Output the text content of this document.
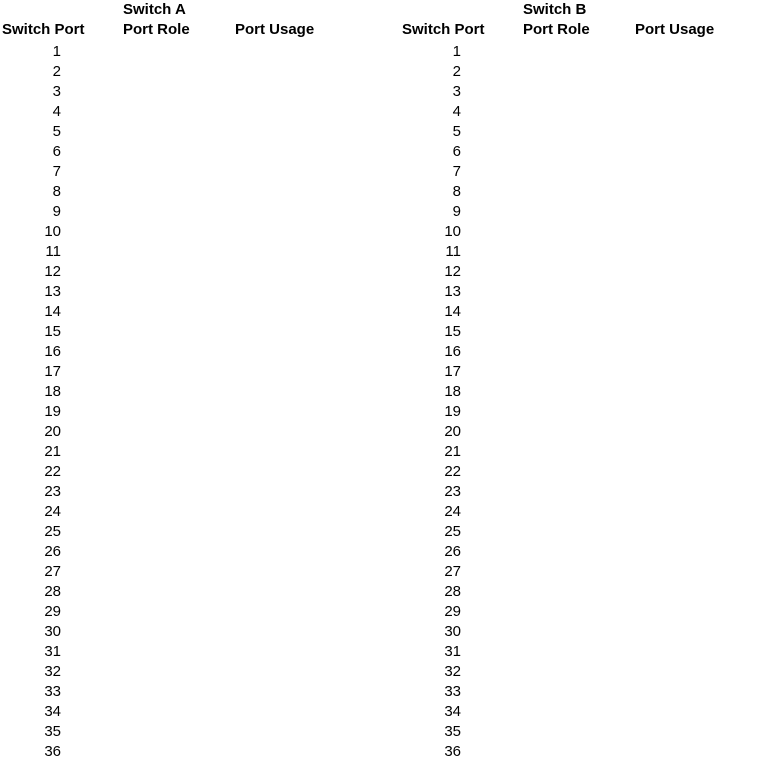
Switch A
Switch Port	Port Role	Port Usage
1
2
3
4
5
6
7
8
9
10
11
12
13
14
15
16
17
18
19
20
21
22
23
24
25
26
27
28
29
30
31
32
33
34
35
36
Switch B
Switch Port	Port Role	Port Usage
1
2
3
4
5
6
7
8
9
10
11
12
13
14
15
16
17
18
19
20
21
22
23
24
25
26
27
28
29
30
31
32
33
34
35
36
